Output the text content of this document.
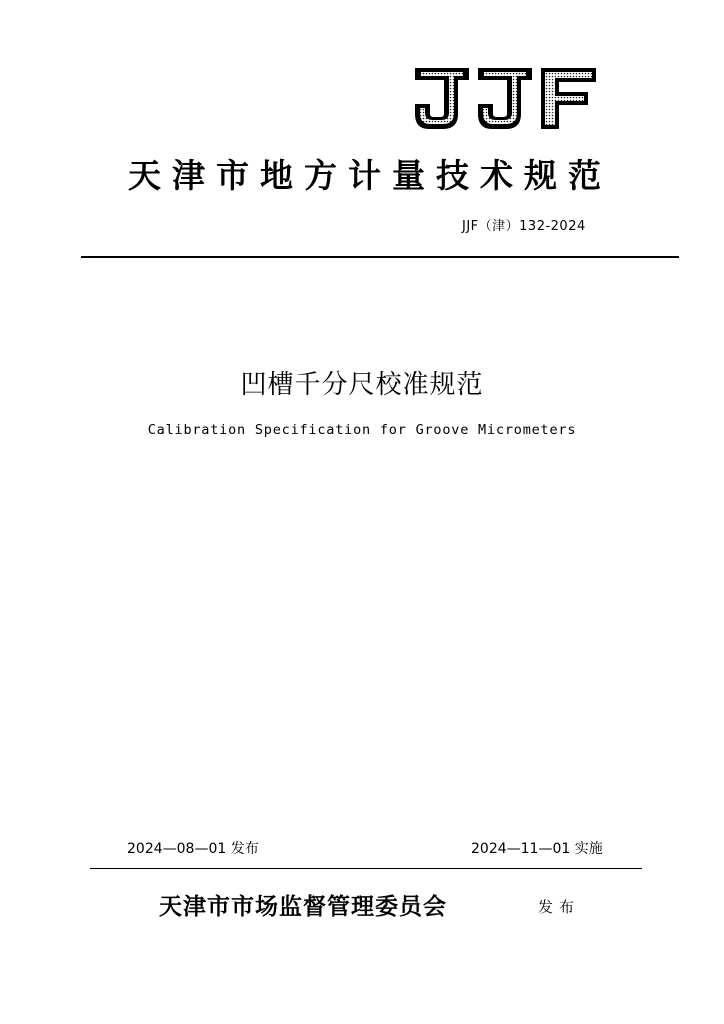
天津市地方计量技术规范
JJF（津）132-2024
凹槽千分尺校准规范
Calibration Specification for Groove Micrometers
2024—08—01 发布	2024—11—01 实施
天津市市场监督管理委员会	发布
